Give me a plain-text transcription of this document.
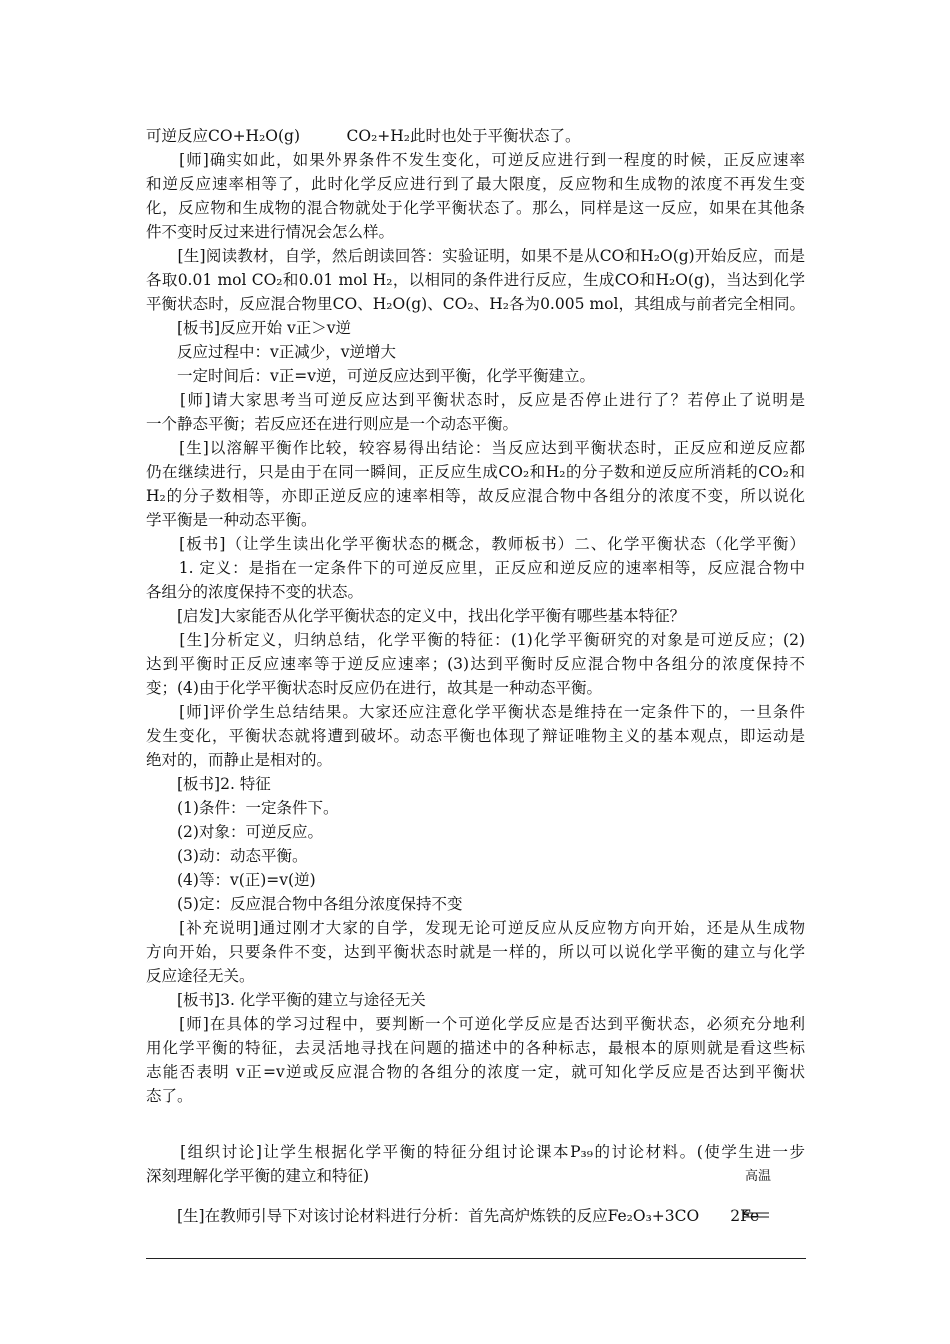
可逆反应CO+H₂O(g)　　　CO₂+H₂此时也处于平衡状态了。
　　[师]确实如此，如果外界条件不发生变化，可逆反应进行到一程度的时候，正反应速率
和逆反应速率相等了，此时化学反应进行到了最大限度，反应物和生成物的浓度不再发生变
化，反应物和生成物的混合物就处于化学平衡状态了。那么，同样是这一反应，如果在其他条
件不变时反过来进行情况会怎么样。
　　[生]阅读教材，自学，然后朗读回答：实验证明，如果不是从CO和H₂O(g)开始反应，而是
各取0.01 mol CO₂和0.01 mol H₂，以相同的条件进行反应，生成CO和H₂O(g)，当达到化学
平衡状态时，反应混合物里CO、H₂O(g)、CO₂、H₂各为0.005 mol，其组成与前者完全相同。
　　[板书]反应开始 v正＞v逆
　　反应过程中：v正减少，v逆增大
　　一定时间后：v正=v逆，可逆反应达到平衡，化学平衡建立。
　　[师]请大家思考当可逆反应达到平衡状态时，反应是否停止进行了？若停止了说明是
一个静态平衡；若反应还在进行则应是一个动态平衡。
　　[生]以溶解平衡作比较，较容易得出结论：当反应达到平衡状态时，正反应和逆反应都
仍在继续进行，只是由于在同一瞬间，正反应生成CO₂和H₂的分子数和逆反应所消耗的CO₂和
H₂的分子数相等，亦即正逆反应的速率相等，故反应混合物中各组分的浓度不变，所以说化
学平衡是一种动态平衡。
　　[板书]（让学生读出化学平衡状态的概念，教师板书）二、化学平衡状态（化学平衡）
　　1. 定义：是指在一定条件下的可逆反应里，正反应和逆反应的速率相等，反应混合物中
各组分的浓度保持不变的状态。
　　[启发]大家能否从化学平衡状态的定义中，找出化学平衡有哪些基本特征？
　　[生]分析定义，归纳总结，化学平衡的特征：(1)化学平衡研究的对象是可逆反应；(2)
达到平衡时正反应速率等于逆反应速率；(3)达到平衡时反应混合物中各组分的浓度保持不
变；(4)由于化学平衡状态时反应仍在进行，故其是一种动态平衡。
　　[师]评价学生总结结果。大家还应注意化学平衡状态是维持在一定条件下的，一旦条件
发生变化，平衡状态就将遭到破坏。动态平衡也体现了辩证唯物主义的基本观点，即运动是
绝对的，而静止是相对的。
　　[板书]2. 特征
　　(1)条件：一定条件下。
　　(2)对象：可逆反应。
　　(3)动：动态平衡。
　　(4)等：v(正)=v(逆)
　　(5)定：反应混合物中各组分浓度保持不变
　　[补充说明]通过刚才大家的自学，发现无论可逆反应从反应物方向开始，还是从生成物
方向开始，只要条件不变，达到平衡状态时就是一样的，所以可以说化学平衡的建立与化学
反应途径无关。
　　[板书]3. 化学平衡的建立与途径无关
　　[师]在具体的学习过程中，要判断一个可逆化学反应是否达到平衡状态，必须充分地利
用化学平衡的特征，去灵活地寻找在问题的描述中的各种标志，最根本的原则就是看这些标
志能否表明 v正=v逆或反应混合物的各组分的浓度一定，就可知化学反应是否达到平衡状
态了。
　　[组织讨论]让学生根据化学平衡的特征分组讨论课本P₃₉的讨论材料。(使学生进一步
深刻理解化学平衡的建立和特征)	高温
　　[生]在教师引导下对该讨论材料进行分析：首先高炉炼铁的反应Fe₂O₃+3CO　　2Fe
